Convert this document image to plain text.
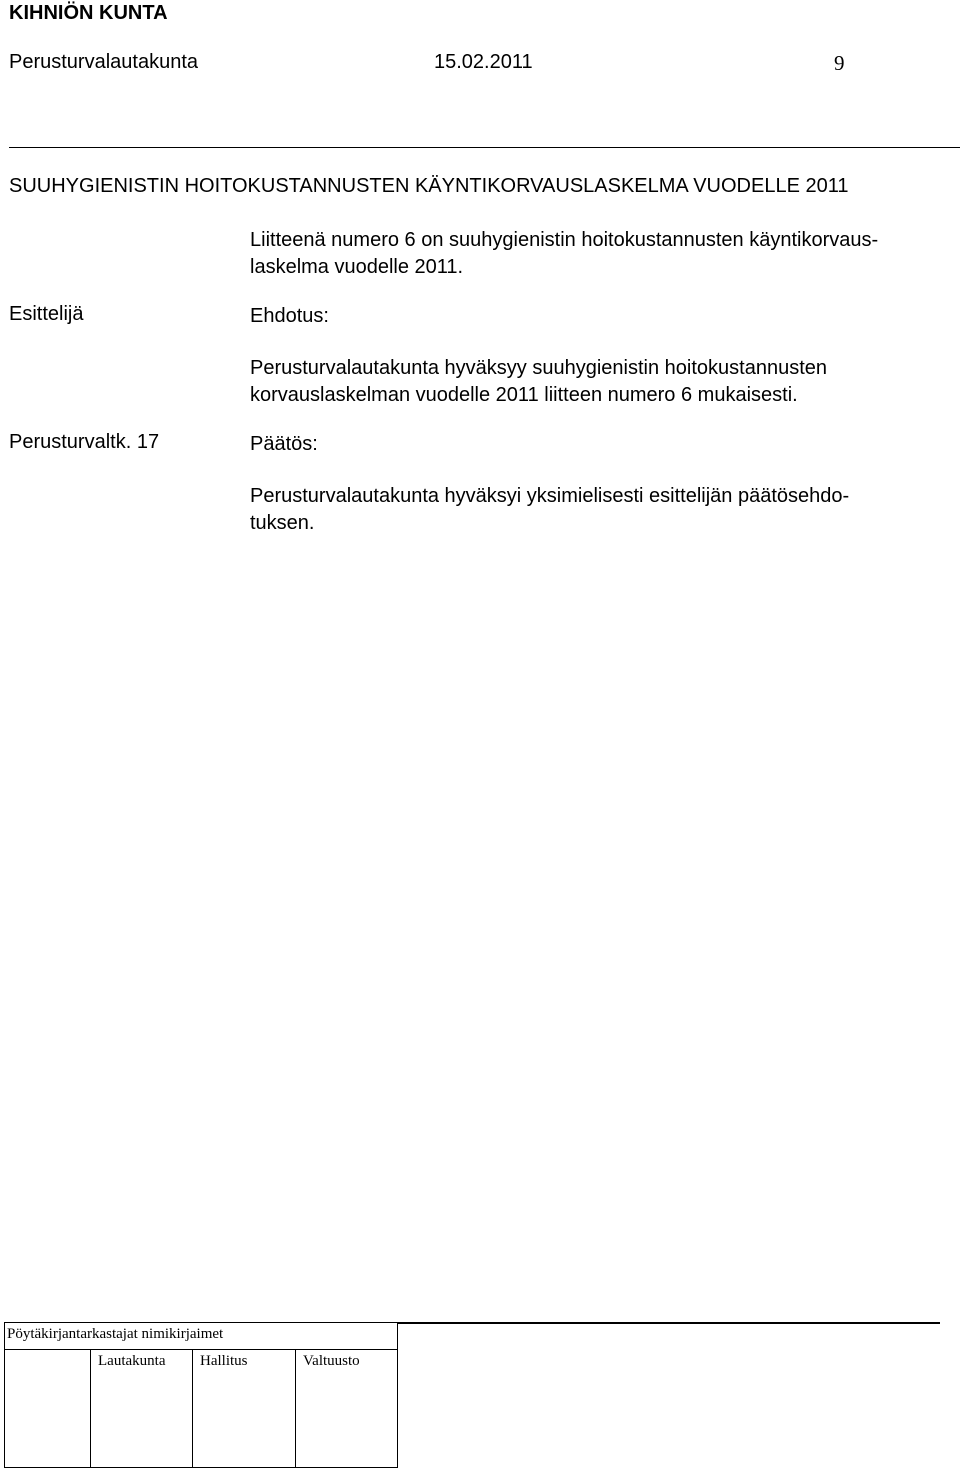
KIHNIÖN KUNTA
Perusturvalautakunta	15.02.2011	9
SUUHYGIENISTIN HOITOKUSTANNUSTEN KÄYNTIKORVAUSLASKELMA VUODELLE 2011
Liitteenä numero 6 on suuhygienistin hoitokustannusten käyntikorvaus-
laskelma vuodelle 2011.
Esittelijä	Ehdotus:
Perusturvalautakunta hyväksyy suuhygienistin hoitokustannusten
korvauslaskelman vuodelle 2011 liitteen numero 6 mukaisesti.
Perusturvaltk. 17	Päätös:
Perusturvalautakunta hyväksyi yksimielisesti esittelijän päätösehdo-
tuksen.
Pöytäkirjantarkastajat nimikirjaimet
Lautakunta Hallitus	Valtuusto
